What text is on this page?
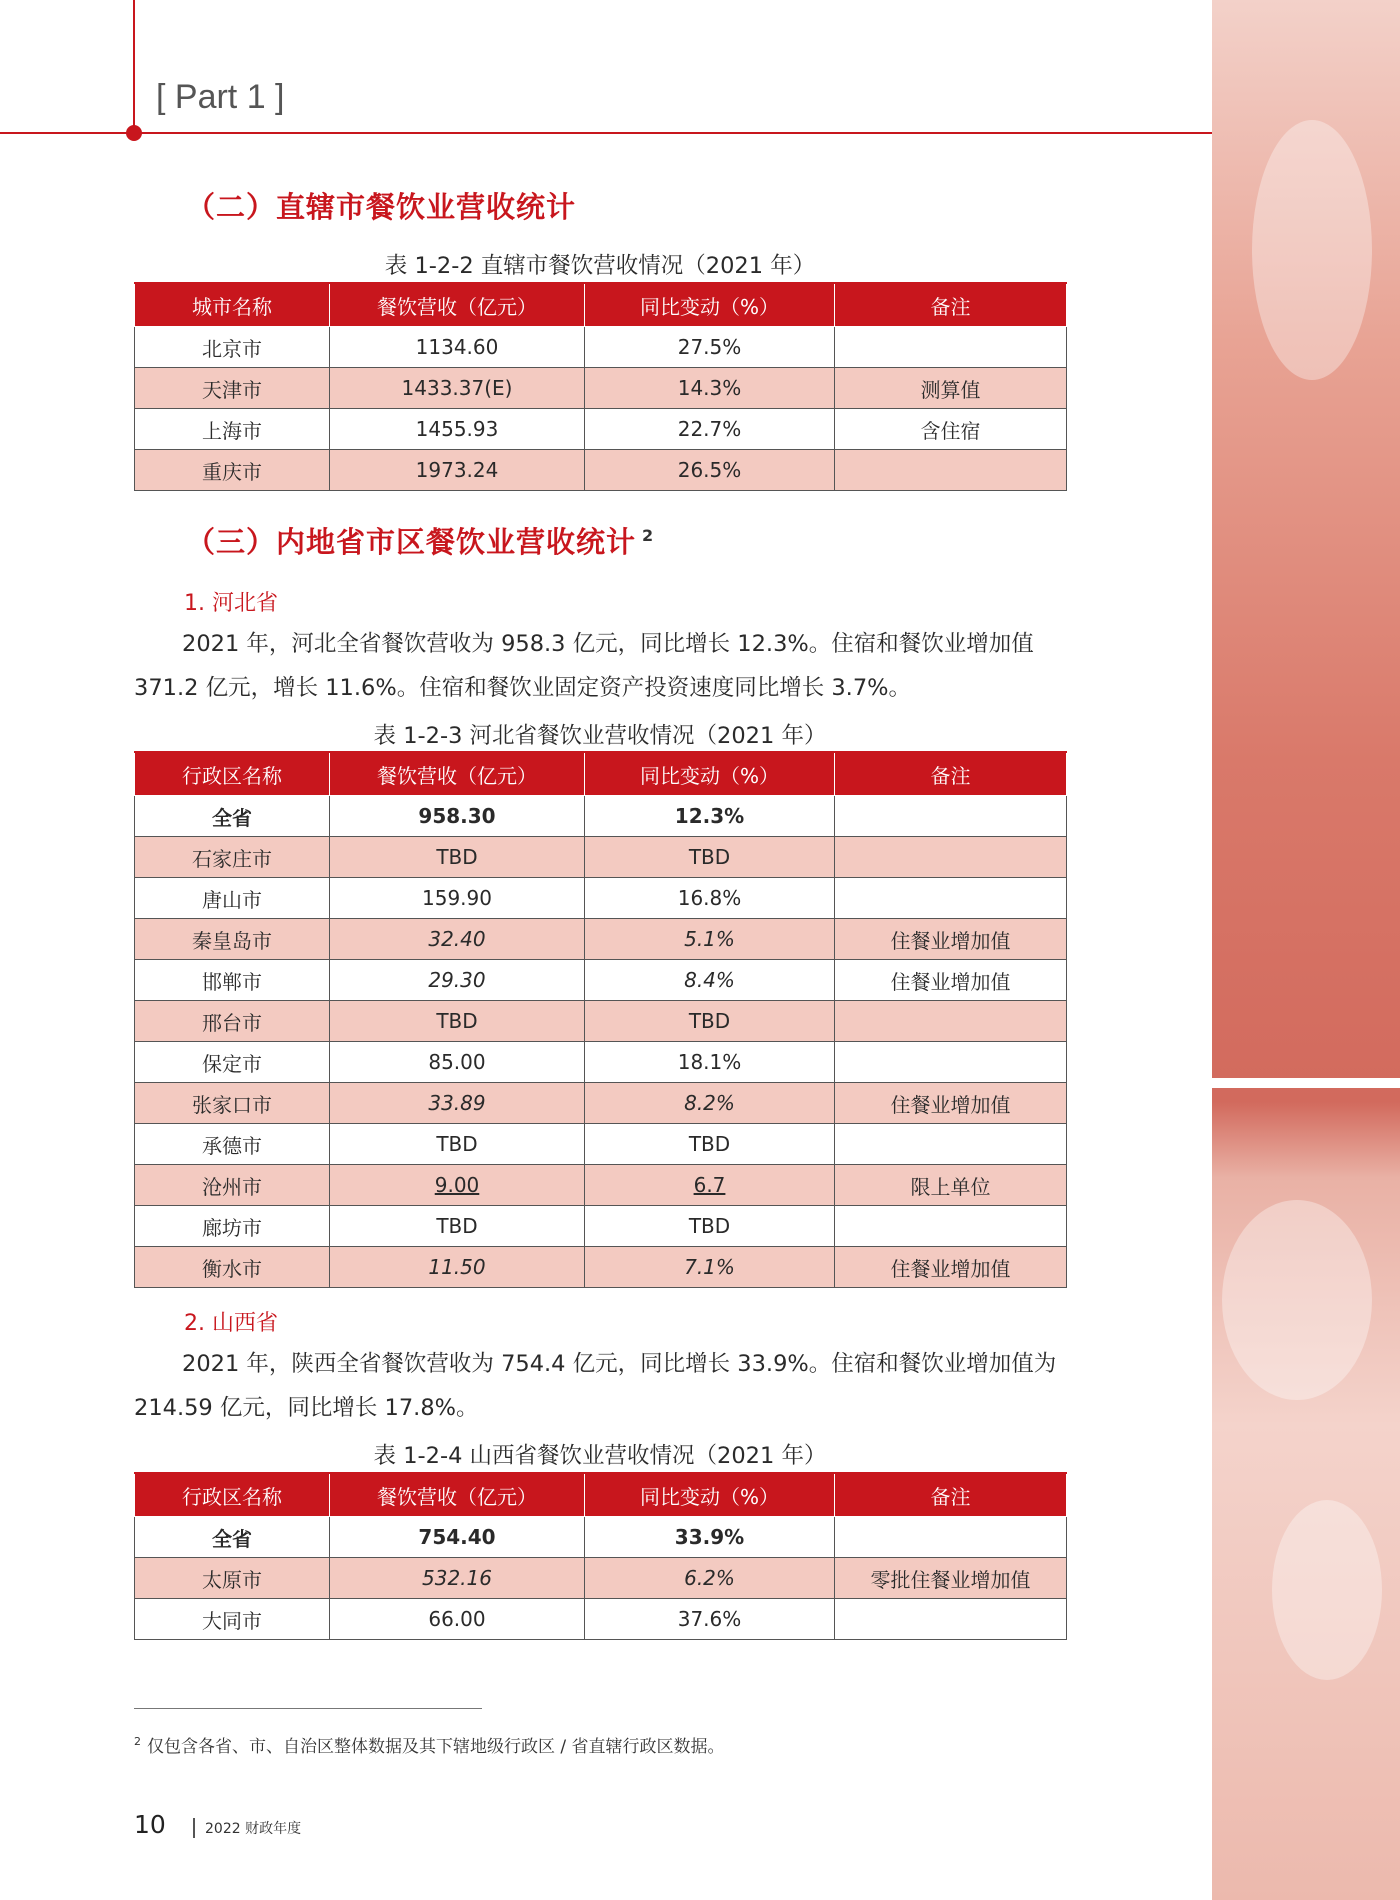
[ Part 1 ]
（二）直辖市餐饮业营收统计
表 1-2-2 直辖市餐饮营收情况（2021 年）
城市名称	餐饮营收（亿元）	同比变动（%）	备注
北京市	1134.60	27.5%	
天津市	1433.37(E)	14.3%	测算值
上海市	1455.93	22.7%	含住宿
重庆市	1973.24	26.5%	
（三）内地省市区餐饮业营收统计 $^2$
1. 河北省
2021 年，河北全省餐饮营收为 958.3 亿元，同比增长 12.3%。住宿和餐饮业增加值 371.2 亿元，增长 11.6%。住宿和餐饮业固定资产投资速度同比增长 3.7%。
表 1-2-3 河北省餐饮业营收情况（2021 年）
行政区名称	餐饮营收（亿元）	同比变动（%）	备注
全省	958.30	12.3%	
石家庄市	TBD	TBD	
唐山市	159.90	16.8%	
秦皇岛市	32.40	5.1%	住餐业增加值
邯郸市	29.30	8.4%	住餐业增加值
邢台市	TBD	TBD	
保定市	85.00	18.1%	
张家口市	33.89	8.2%	住餐业增加值
承德市	TBD	TBD	
沧州市	9.00	6.7	限上单位
廊坊市	TBD	TBD	
衡水市	11.50	7.1%	住餐业增加值
2. 山西省
2021 年，陕西全省餐饮营收为 754.4 亿元，同比增长 33.9%。住宿和餐饮业增加值为 214.59 亿元，同比增长 17.8%。
表 1-2-4 山西省餐饮业营收情况（2021 年）
行政区名称	餐饮营收（亿元）	同比变动（%）	备注
全省	754.40	33.9%	
太原市	532.16	6.2%	零批住餐业增加值
大同市	66.00	37.6%	
$^2$ 仅包含各省、市、自治区整体数据及其下辖地级行政区 / 省直辖行政区数据。
10	2022 财政年度
